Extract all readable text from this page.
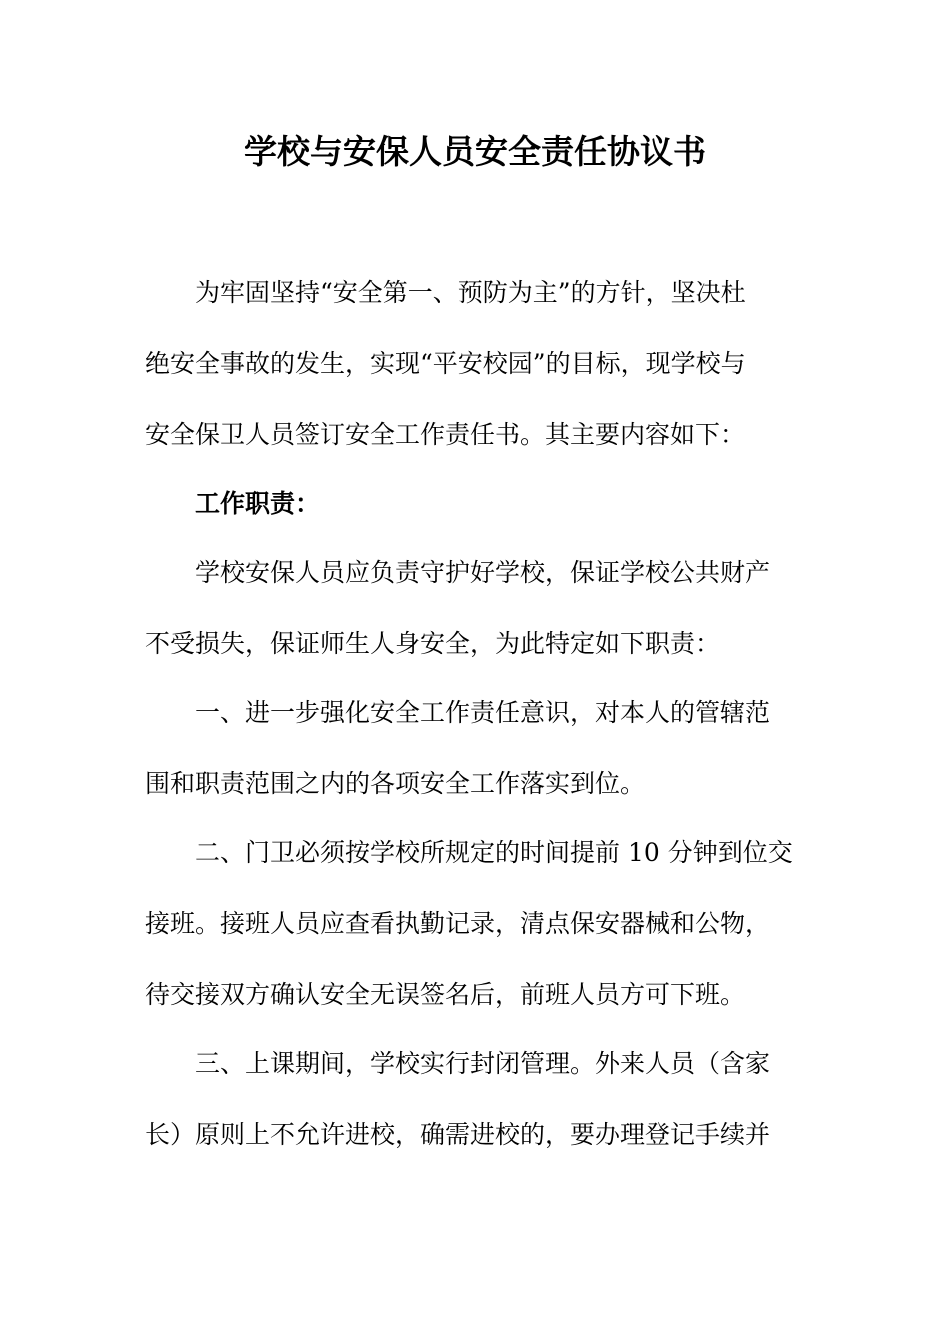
学校与安保人员安全责任协议书
为牢固坚持“安全第一、预防为主”的方针，坚决杜
绝安全事故的发生，实现“平安校园”的目标，现学校与
安全保卫人员签订安全工作责任书。其主要内容如下：
工作职责：
学校安保人员应负责守护好学校，保证学校公共财产
不受损失，保证师生人身安全，为此特定如下职责：
一、进一步强化安全工作责任意识，对本人的管辖范
围和职责范围之内的各项安全工作落实到位。
二、门卫必须按学校所规定的时间提前 10 分钟到位交
接班。接班人员应查看执勤记录，清点保安器械和公物，
待交接双方确认安全无误签名后，前班人员方可下班。
三、上课期间，学校实行封闭管理。外来人员（含家
长）原则上不允许进校，确需进校的，要办理登记手续并
